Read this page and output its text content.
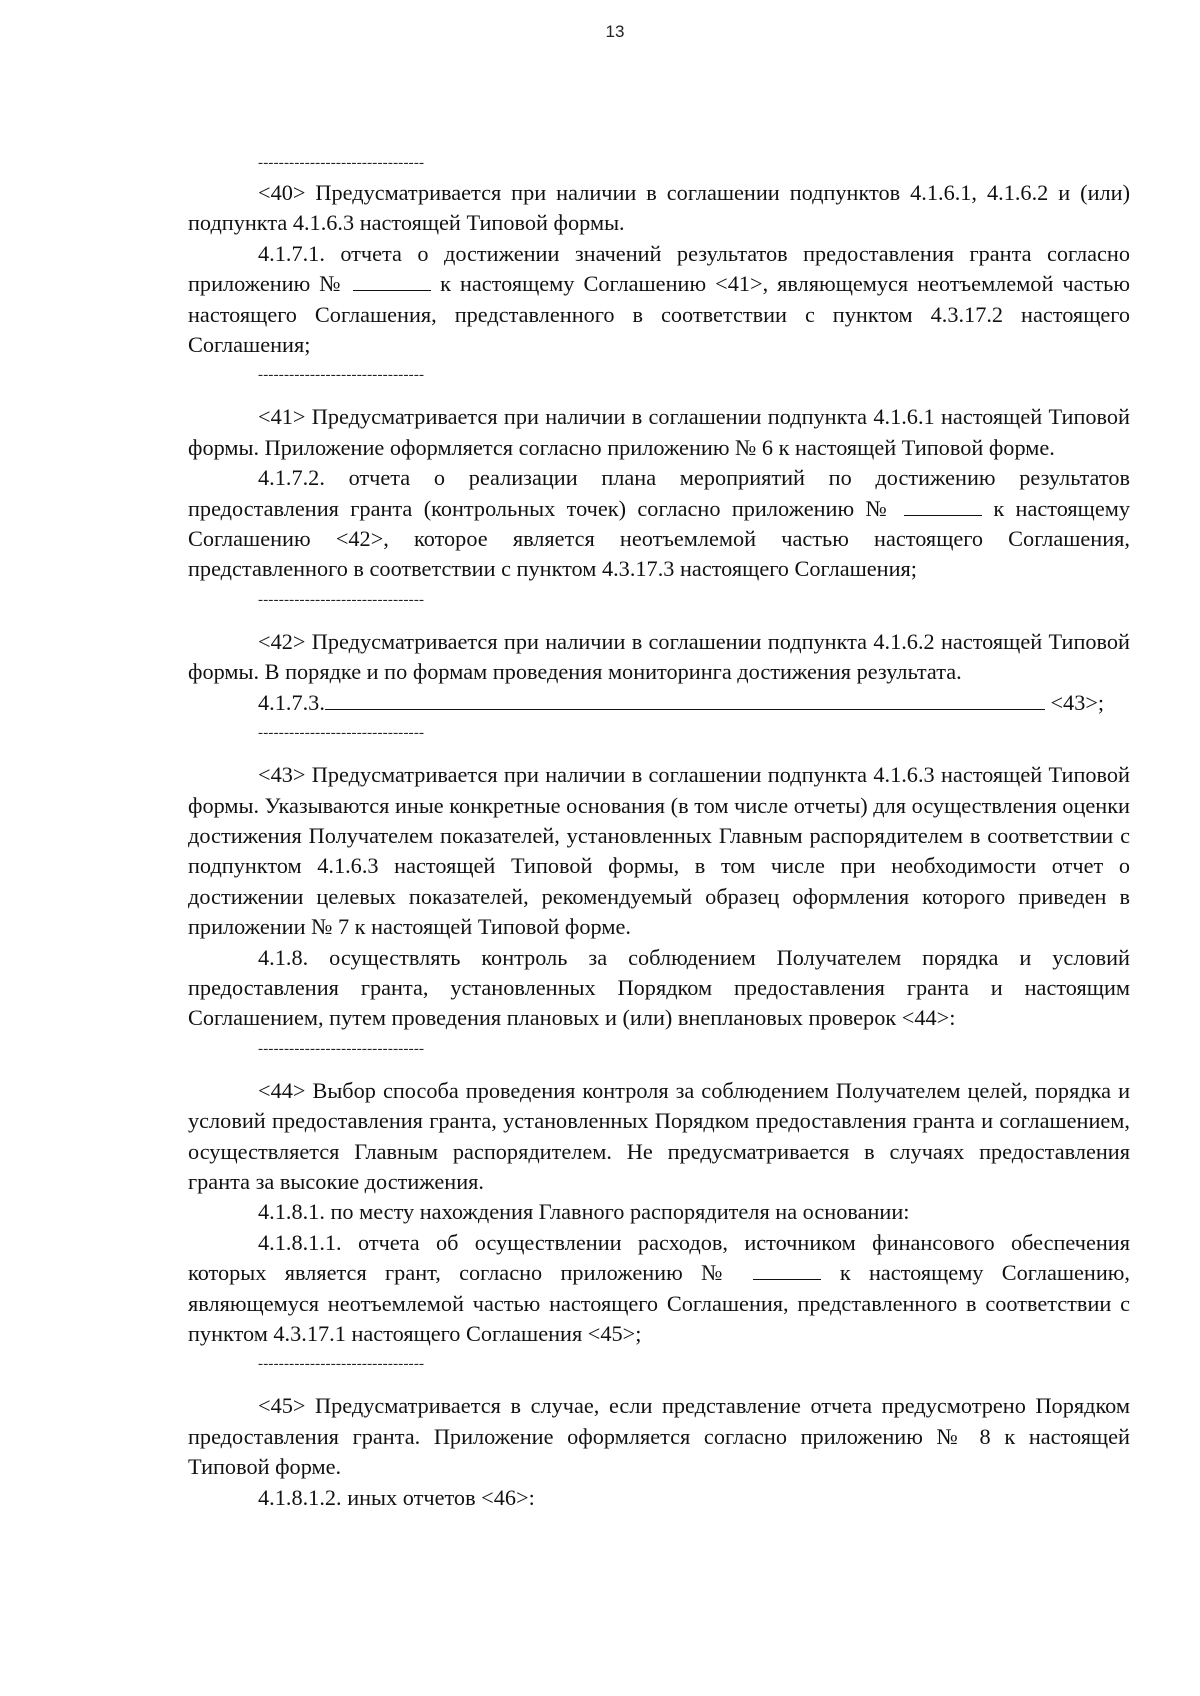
13
--------------------------------

<40> Предусматривается при наличии в соглашении подпунктов 4.1.6.1, 4.1.6.2 и (или) подпункта 4.1.6.3 настоящей Типовой формы.

4.1.7.1. отчета о достижении значений результатов предоставления гранта согласно приложению №	к настоящему Соглашению <41>, являющемуся неотъемлемой частью настоящего Соглашения, представленного в соответствии с пунктом 4.3.17.2 настоящего Соглашения;

--------------------------------

<41> Предусматривается при наличии в соглашении подпункта 4.1.6.1 настоящей Типовой формы. Приложение оформляется согласно приложению № 6 к настоящей Типовой форме.

4.1.7.2. отчета о реализации плана мероприятий по достижению результатов предоставления гранта (контрольных точек) согласно приложению №	к настоящему Соглашению <42>, которое является неотъемлемой частью настоящего Соглашения, представленного в соответствии с пунктом 4.3.17.3 настоящего Соглашения;

--------------------------------

<42> Предусматривается при наличии в соглашении подпункта 4.1.6.2 настоящей Типовой формы. В порядке и по формам проведения мониторинга достижения результата.

4.1.7.3.	<43>;

--------------------------------

<43> Предусматривается при наличии в соглашении подпункта 4.1.6.3 настоящей Типовой формы. Указываются иные конкретные основания (в том числе отчеты) для осуществления оценки достижения Получателем показателей, установленных Главным распорядителем в соответствии с подпунктом 4.1.6.3 настоящей Типовой формы, в том числе при необходимости отчет о достижении целевых показателей, рекомендуемый образец оформления которого приведен в приложении № 7 к настоящей Типовой форме.

4.1.8. осуществлять контроль за соблюдением Получателем порядка и условий предоставления гранта, установленных Порядком предоставления гранта и настоящим Соглашением, путем проведения плановых и (или) внеплановых проверок <44>:

--------------------------------

<44> Выбор способа проведения контроля за соблюдением Получателем целей, порядка и условий предоставления гранта, установленных Порядком предоставления гранта и соглашением, осуществляется Главным распорядителем. Не предусматривается в случаях предоставления гранта за высокие достижения.

4.1.8.1. по месту нахождения Главного распорядителя на основании:

4.1.8.1.1. отчета об осуществлении расходов, источником финансового обеспечения которых является грант, согласно приложению №	к настоящему Соглашению, являющемуся неотъемлемой частью настоящего Соглашения, представленного в соответствии с пунктом 4.3.17.1 настоящего Соглашения <45>;

--------------------------------

<45> Предусматривается в случае, если представление отчета предусмотрено Порядком предоставления гранта. Приложение оформляется согласно приложению № 8 к настоящей Типовой форме.

4.1.8.1.2. иных отчетов <46>:
